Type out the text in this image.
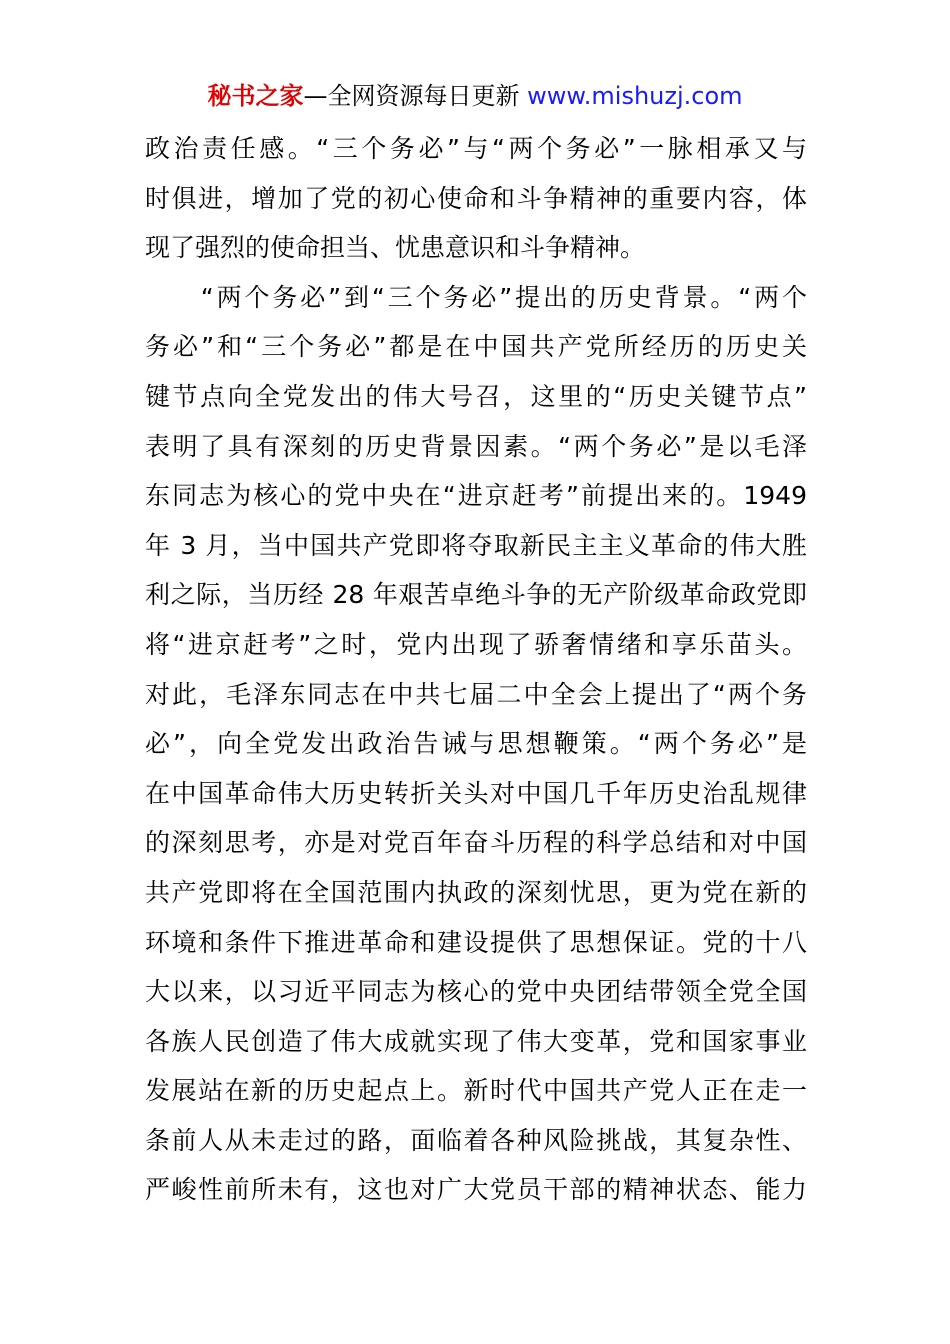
秘书之家—全网资源每日更新 www.mishuzj.com
政治责任感。“三个务必”与“两个务必”一脉相承又与
时俱进，增加了党的初心使命和斗争精神的重要内容，体
现了强烈的使命担当、忧患意识和斗争精神。
　　“两个务必”到“三个务必”提出的历史背景。“两个
务必”和“三个务必”都是在中国共产党所经历的历史关
键节点向全党发出的伟大号召，这里的“历史关键节点”
表明了具有深刻的历史背景因素。“两个务必”是以毛泽
东同志为核心的党中央在“进京赶考”前提出来的。1949
年 3 月，当中国共产党即将夺取新民主主义革命的伟大胜
利之际，当历经 28 年艰苦卓绝斗争的无产阶级革命政党即
将“进京赶考”之时，党内出现了骄奢情绪和享乐苗头。
对此，毛泽东同志在中共七届二中全会上提出了“两个务
必”，向全党发出政治告诫与思想鞭策。“两个务必”是
在中国革命伟大历史转折关头对中国几千年历史治乱规律
的深刻思考，亦是对党百年奋斗历程的科学总结和对中国
共产党即将在全国范围内执政的深刻忧思，更为党在新的
环境和条件下推进革命和建设提供了思想保证。党的十八
大以来，以习近平同志为核心的党中央团结带领全党全国
各族人民创造了伟大成就实现了伟大变革，党和国家事业
发展站在新的历史起点上。新时代中国共产党人正在走一
条前人从未走过的路，面临着各种风险挑战，其复杂性、
严峻性前所未有，这也对广大党员干部的精神状态、能力
